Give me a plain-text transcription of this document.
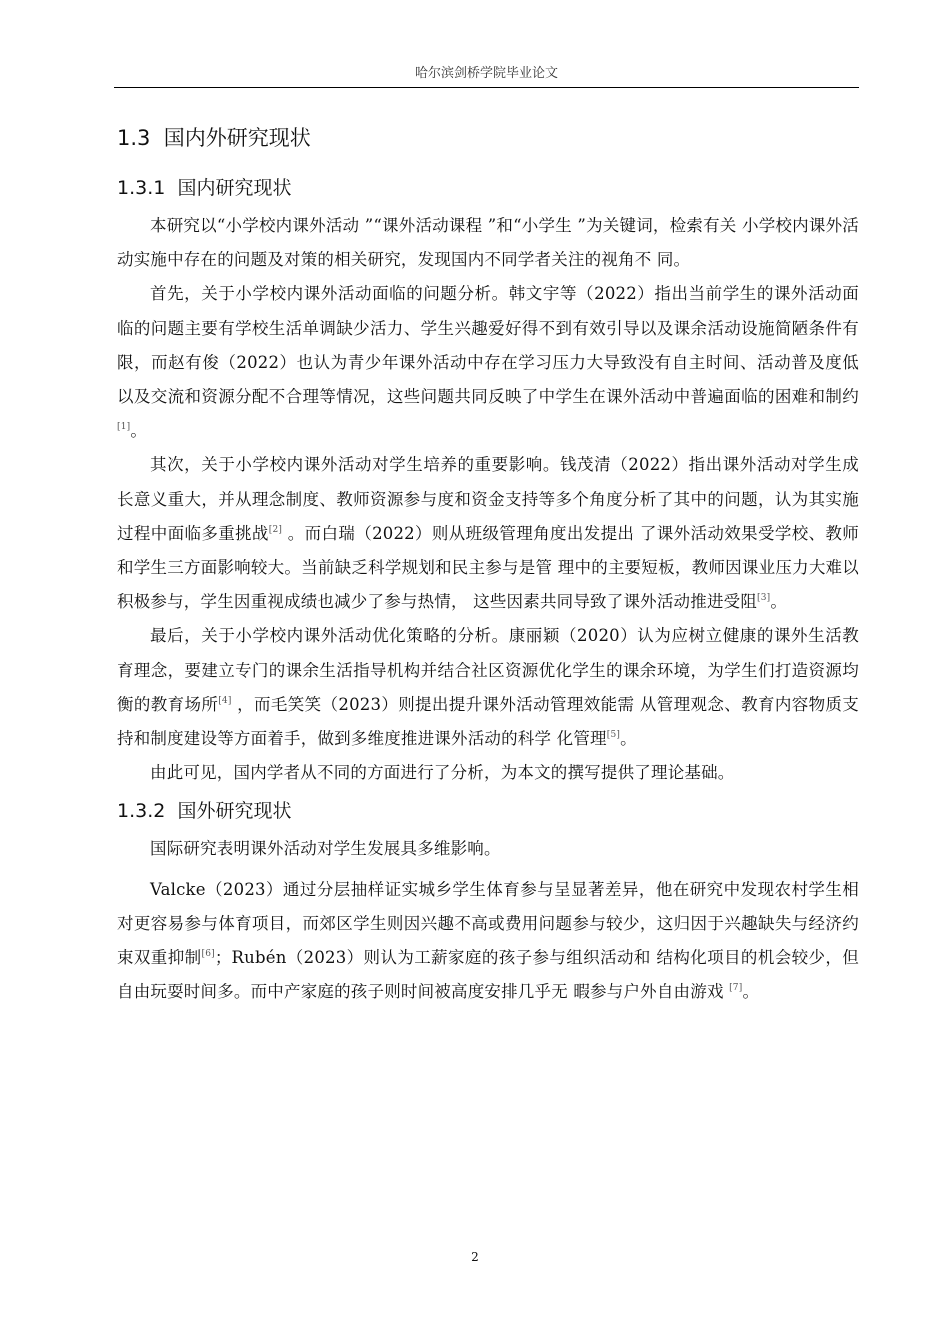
哈尔滨剑桥学院毕业论文
1.3 国内外研究现状
1.3.1 国内研究现状

本研究以“小学校内课外活动 ”“课外活动课程 ”和“小学生 ”为关键词，检索有关 小学校内课外活动实施中存在的问题及对策的相关研究，发现国内不同学者关注的视角不 同。

首先，关于小学校内课外活动面临的问题分析。韩文宇等（2022）指出当前学生的课外活动面临的问题主要有学校生活单调缺少活力、学生兴趣爱好得不到有效引导以及课余活动设施简陋条件有限，而赵有俊（2022）也认为青少年课外活动中存在学习压力大导致没有自主时间、活动普及度低以及交流和资源分配不合理等情况，这些问题共同反映了中学生在课外活动中普遍面临的困难和制约[1]。

其次，关于小学校内课外活动对学生培养的重要影响。钱茂清（2022）指出课外活动对学生成长意义重大，并从理念制度、教师资源参与度和资金支持等多个角度分析了其中的问题，认为其实施过程中面临多重挑战[2] 。而白瑞（2022）则从班级管理角度出发提出 了课外活动效果受学校、教师和学生三方面影响较大。当前缺乏科学规划和民主参与是管 理中的主要短板，教师因课业压力大难以积极参与，学生因重视成绩也减少了参与热情， 这些因素共同导致了课外活动推进受阻[3]。

最后，关于小学校内课外活动优化策略的分析。康丽颖（2020）认为应树立健康的课外生活教育理念，要建立专门的课余生活指导机构并结合社区资源优化学生的课余环境，为学生们打造资源均衡的教育场所[4] ，而毛笑笑（2023）则提出提升课外活动管理效能需 从管理观念、教育内容物质支持和制度建设等方面着手，做到多维度推进课外活动的科学 化管理[5]。

由此可见，国内学者从不同的方面进行了分析，为本文的撰写提供了理论基础。

1.3.2 国外研究现状

国际研究表明课外活动对学生发展具多维影响。

Valcke（2023）通过分层抽样证实城乡学生体育参与呈显著差异，他在研究中发现农村学生相对更容易参与体育项目，而郊区学生则因兴趣不高或费用问题参与较少，这归因于兴趣缺失与经济约束双重抑制[6]；Rubén（2023）则认为工薪家庭的孩子参与组织活动和 结构化项目的机会较少，但自由玩耍时间多。而中产家庭的孩子则时间被高度安排几乎无 暇参与户外自由游戏 [7]。

2
